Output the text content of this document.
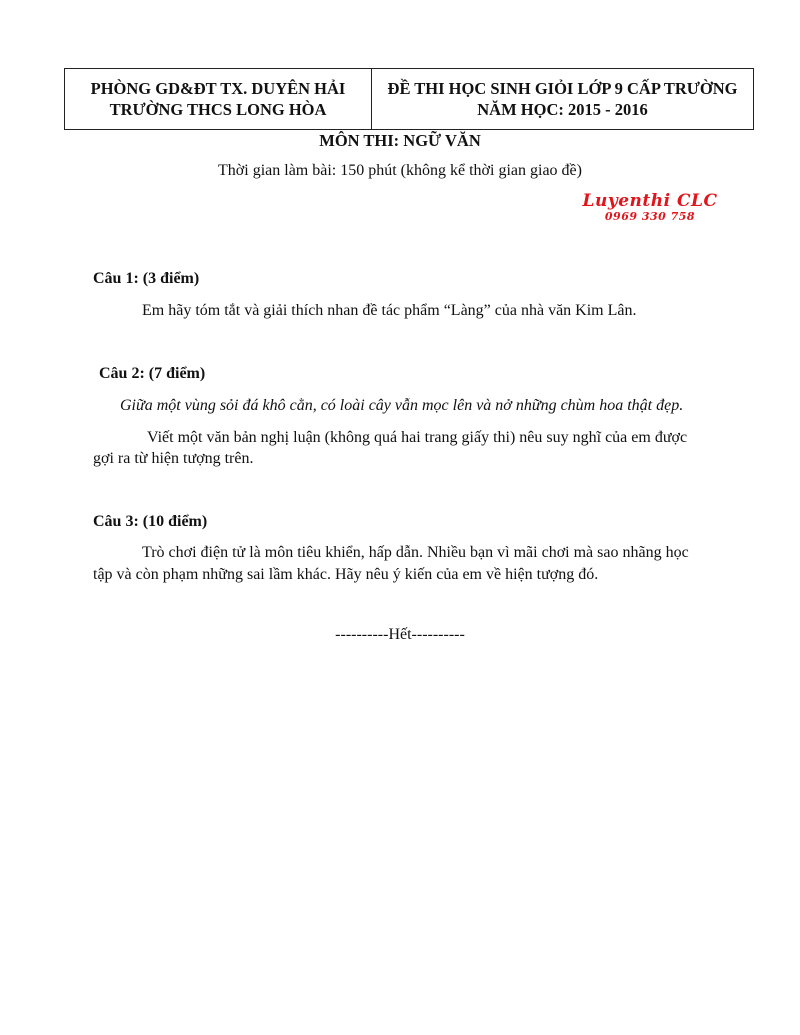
PHÒNG GD&ĐT TX. DUYÊN HẢI
TRƯỜNG THCS LONG HÒA
ĐỀ THI HỌC SINH GIỎI LỚP 9 CẤP TRƯỜNG
NĂM HỌC: 2015 - 2016
MÔN THI: NGỮ VĂN
Thời gian làm bài: 150 phút (không kể thời gian giao đề)
Luyenthi CLC
0969 330 758
Câu 1: (3 điểm)
Em hãy tóm tắt và giải thích nhan đề tác phẩm “Làng” của nhà văn Kim Lân.
Câu 2: (7 điểm)
Giữa một vùng sỏi đá khô cằn, có loài cây vẫn mọc lên và nở những chùm hoa thật đẹp.
Viết một văn bản nghị luận (không quá hai trang giấy thi) nêu suy nghĩ của em được
gợi ra từ hiện tượng trên.
Câu 3: (10 điểm)
Trò chơi điện tử là môn tiêu khiển, hấp dẫn. Nhiều bạn vì mãi chơi mà sao nhãng học
tập và còn phạm những sai lầm khác. Hãy nêu ý kiến của em về hiện tượng đó.
----------Hết----------
